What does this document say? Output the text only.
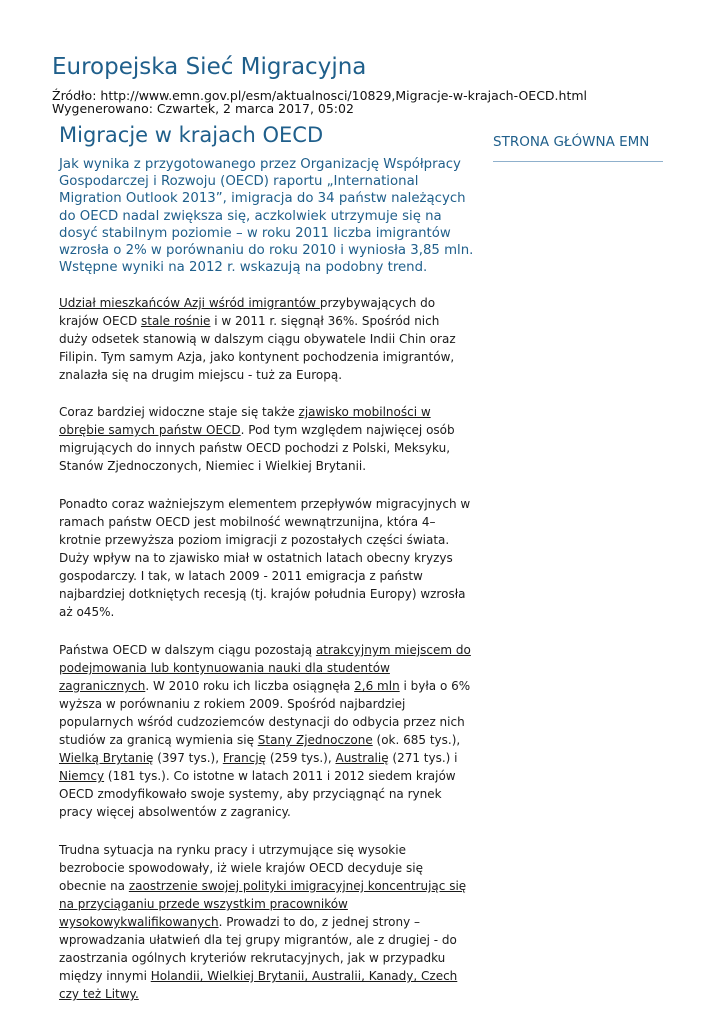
Europejska Sieć Migracyjna
Źródło: http://www.emn.gov.pl/esm/aktualnosci/10829,Migracje-w-krajach-OECD.html
Wygenerowano: Czwartek, 2 marca 2017, 05:02
Migracje w krajach OECD

Jak wynika z przygotowanego przez Organizację Współpracy Gospodarczej i Rozwoju (OECD) raportu „International Migration Outlook 2013”, imigracja do 34 państw należących do OECD nadal zwiększa się, aczkolwiek utrzymuje się na dosyć stabilnym poziomie – w roku 2011 liczba imigrantów wzrosła o 2% w porównaniu do roku 2010 i wyniosła 3,85 mln. Wstępne wyniki na 2012 r. wskazują na podobny trend.

STRONA GŁÓWNA EMN

Udział mieszkańców Azji wśród imigrantów przybywających do krajów OECD stale rośnie i w 2011 r. sięgnął 36%. Spośród nich duży odsetek stanowią w dalszym ciągu obywatele Indii Chin oraz Filipin. Tym samym Azja, jako kontynent pochodzenia imigrantów, znalazła się na drugim miejscu - tuż za Europą.

Coraz bardziej widoczne staje się także zjawisko mobilności w obrębie samych państw OECD. Pod tym względem najwięcej osób migrujących do innych państw OECD pochodzi z Polski, Meksyku, Stanów Zjednoczonych, Niemiec i Wielkiej Brytanii.

Ponadto coraz ważniejszym elementem przepływów migracyjnych w ramach państw OECD jest mobilność wewnątrzunijna, która 4–krotnie przewyższa poziom imigracji z pozostałych części świata. Duży wpływ na to zjawisko miał w ostatnich latach obecny kryzys gospodarczy. I tak, w latach 2009 - 2011 emigracja z państw najbardziej dotkniętych recesją (tj. krajów południa Europy) wzrosła aż o45%.

Państwa OECD w dalszym ciągu pozostają atrakcyjnym miejscem do podejmowania lub kontynuowania nauki dla studentów zagranicznych. W 2010 roku ich liczba osiągnęła 2,6 mln i była o 6% wyższa w porównaniu z rokiem 2009. Spośród najbardziej popularnych wśród cudzoziemców destynacji do odbycia przez nich studiów za granicą wymienia się Stany Zjednoczone (ok. 685 tys.), Wielką Brytanię (397 tys.), Francję (259 tys.), Australię (271 tys.) i Niemcy (181 tys.). Co istotne w latach 2011 i 2012 siedem krajów OECD zmodyfikowało swoje systemy, aby przyciągnąć na rynek pracy więcej absolwentów z zagranicy.

Trudna sytuacja na rynku pracy i utrzymujące się wysokie bezrobocie spowodowały, iż wiele krajów OECD decyduje się obecnie na zaostrzenie swojej polityki imigracyjnej koncentrując się na przyciąganiu przede wszystkim pracowników wysokowykwalifikowanych. Prowadzi to do, z jednej strony – wprowadzania ułatwień dla tej grupy migrantów, ale z drugiej - do zaostrzania ogólnych kryteriów rekrutacyjnych, jak w przypadku między innymi Holandii, Wielkiej Brytanii, Australii, Kanady, Czech czy też Litwy.
